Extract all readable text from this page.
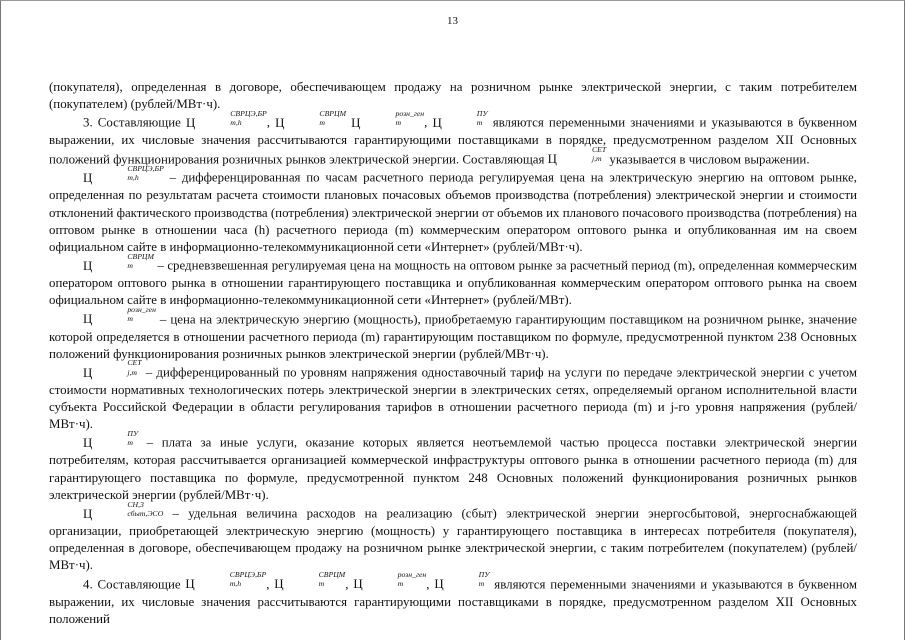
13

(покупателя), определенная в договоре, обеспечивающем продажу на розничном рынке электрической энергии, с таким потребителем (покупателем) (рублей/МВт·ч).

3. Составляющие Ц
$^{СВРЦЭ,БР}$
$_{m,h}$	, Ц
$^{СВРЦМ}$
$_m$	Ц
$^{розн\_ген}$
$_m$	, Ц
$^{ПУ}$
$_m$ являются переменными значениями и указываются в буквенном выражении, их числовые значения рассчитываются гарантирующими поставщиками в порядке, предусмотренном разделом XII Основных положений функционирования розничных рынков электрической энергии. Составляющая Ц
$^{СЕТ}$
$_{j,m}$ указывается в числовом выражении.

Ц
$^{СВРЦЭ,БР}$
$_{m,h}$	– дифференцированная по часам расчетного периода регулируемая цена на электрическую энергию на оптовом рынке, определенная по результатам расчета стоимости плановых почасовых объемов производства (потребления) электрической энергии и стоимости отклонений фактического производства (потребления) электрической энергии от объемов их планового почасового производства (потребления) на оптовом рынке в отношении часа (h) расчетного периода (m) коммерческим оператором оптового рынка и опубликованная им на своем официальном сайте в информационно-телекоммуникационной сети «Интернет» (рублей/МВт·ч).

Ц
$^{СВРЦМ}$
$_m$	– средневзвешенная регулируемая цена на мощность на оптовом рынке за расчетный период (m), определенная коммерческим оператором оптового рынка в отношении гарантирующего поставщика и опубликованная коммерческим оператором оптового рынка на своем официальном сайте в информационно-телекоммуникационной сети «Интернет» (рублей/МВт).

Ц
$^{розн\_ген}$
$_m$	– цена на электрическую энергию (мощность), приобретаемую гарантирующим поставщиком на розничном рынке, значение которой определяется в отношении расчетного периода (m) гарантирующим поставщиком по формуле, предусмотренной пунктом 238 Основных положений функционирования розничных рынков электрической энергии (рублей/МВт·ч).

Ц
$^{СЕТ}$
$_{j,m}$ – дифференцированный по уровням напряжения одноставочный тариф на услуги по передаче электрической энергии с учетом стоимости нормативных технологических потерь электрической энергии в электрических сетях, определяемый органом исполнительной власти субъекта Российской Федерации в области регулирования тарифов в отношении расчетного периода (m) и j-го уровня напряжения (рублей/МВт·ч).

Ц
$^{ПУ}$
$_m$ – плата за иные услуги, оказание которых является неотъемлемой частью процесса поставки электрической энергии потребителям, которая рассчитывается организацией коммерческой инфраструктуры оптового рынка в отношении расчетного периода (m) для гарантирующего поставщика по формуле, предусмотренной пунктом 248 Основных положений функционирования розничных рынков электрической энергии (рублей/МВт·ч).

Ц
$^{СН,3}$
$_{сбыт,ЭСО}$ – удельная величина расходов на реализацию (сбыт) электрической энергии энергосбытовой, энергоснабжающей организации, приобретающей электрическую энергию (мощность) у гарантирующего поставщика в интересах потребителя (покупателя), определенная в договоре, обеспечивающем продажу на розничном рынке электрической энергии, с таким потребителем (покупателем) (рублей/МВт·ч).

4. Составляющие Ц
$^{СВРЦЭ,БР}$
$_{m,h}$	, Ц
$^{СВРЦМ}$
$_m$	, Ц
$^{розн\_ген}$
$_m$	, Ц
$^{ПУ}$
$_m$ являются переменными значениями и указываются в буквенном выражении, их числовые значения рассчитываются гарантирующими поставщиками в порядке, предусмотренном разделом XII Основных положений
